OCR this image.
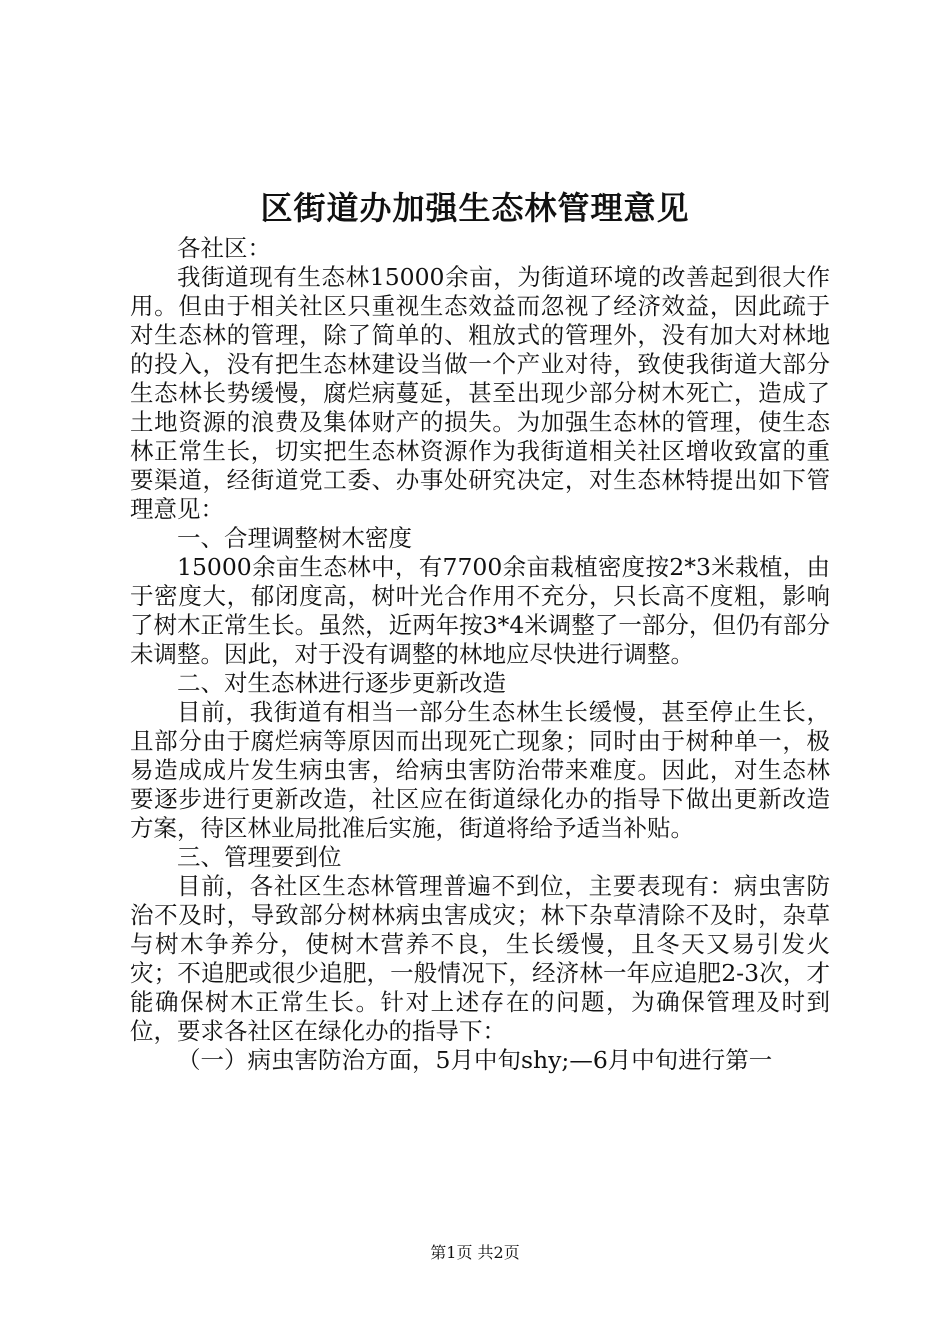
区街道办加强生态林管理意见

各社区：

我街道现有生态林15000余亩，为街道环境的改善起到很大作用。但由于相关社区只重视生态效益而忽视了经济效益，因此疏于对生态林的管理，除了简单的、粗放式的管理外，没有加大对林地的投入，没有把生态林建设当做一个产业对待，致使我街道大部分生态林长势缓慢，腐烂病蔓延，甚至出现少部分树木死亡，造成了土地资源的浪费及集体财产的损失。为加强生态林的管理，使生态林正常生长，切实把生态林资源作为我街道相关社区增收致富的重要渠道，经街道党工委、办事处研究决定，对生态林特提出如下管理意见：

一、合理调整树木密度

15000余亩生态林中，有7700余亩栽植密度按2*3米栽植，由于密度大，郁闭度高，树叶光合作用不充分，只长高不度粗，影响了树木正常生长。虽然，近两年按3*4米调整了一部分，但仍有部分未调整。因此，对于没有调整的林地应尽快进行调整。

二、对生态林进行逐步更新改造

目前，我街道有相当一部分生态林生长缓慢，甚至停止生长，且部分由于腐烂病等原因而出现死亡现象；同时由于树种单一，极易造成成片发生病虫害，给病虫害防治带来难度。因此，对生态林要逐步进行更新改造，社区应在街道绿化办的指导下做出更新改造方案，待区林业局批准后实施，街道将给予适当补贴。

三、管理要到位

目前，各社区生态林管理普遍不到位，主要表现有：病虫害防治不及时，导致部分树林病虫害成灾；林下杂草清除不及时，杂草与树木争养分，使树木营养不良，生长缓慢，且冬天又易引发火灾；不追肥或很少追肥，一般情况下，经济林一年应追肥2-3次，才能确保树木正常生长。针对上述存在的问题，为确保管理及时到位，要求各社区在绿化办的指导下：

（一）病虫害防治方面，5月中旬shy;—6月中旬进行第一

第1页 共2页
